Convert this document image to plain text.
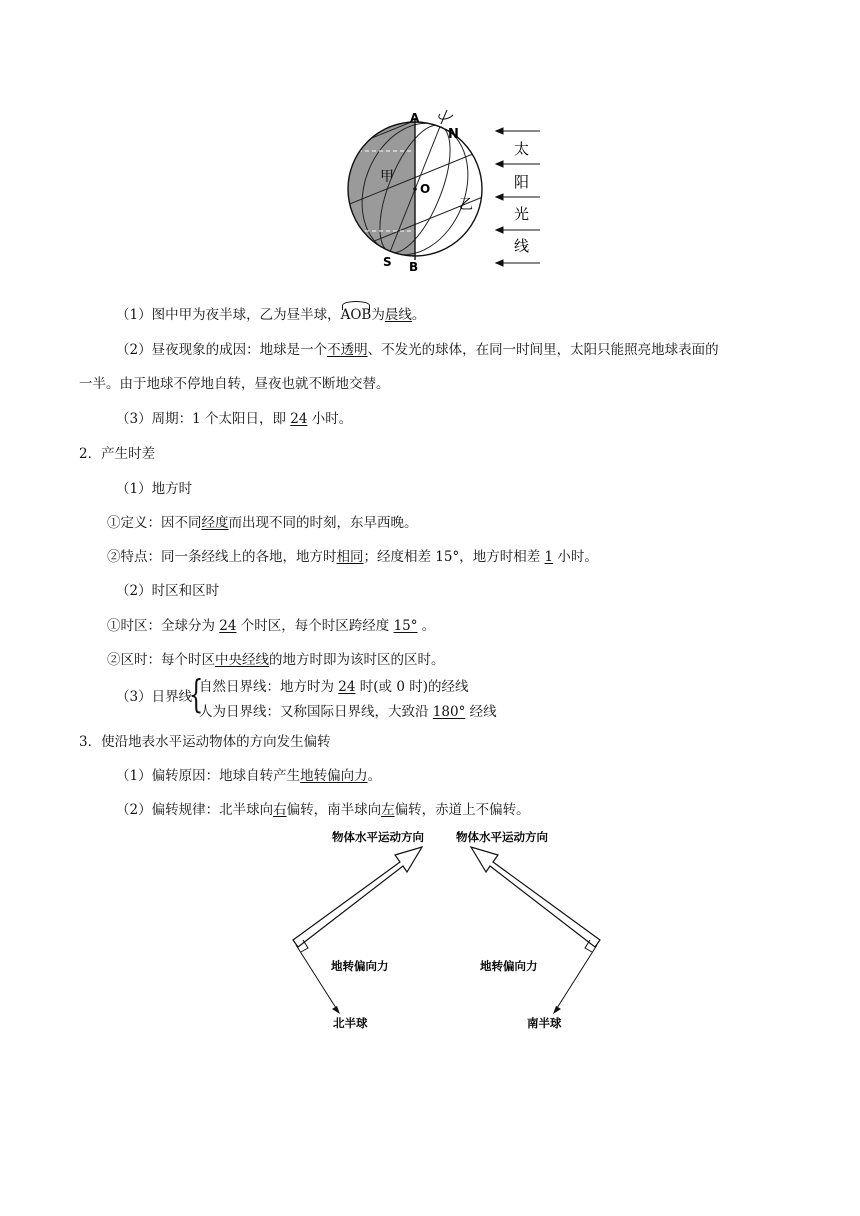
A
N
S B
O
甲
乙
太
阳
光
线
（1）图中甲为夜半球，乙为昼半球，AOB为晨线。
（2）昼夜现象的成因：地球是一个不透明、不发光的球体，在同一时间里，太阳只能照亮地球表面的
一半。由于地球不停地自转，昼夜也就不断地交替。
（3）周期：1 个太阳日，即 24 小时。
2．产生时差
（1）地方时
①定义：因不同经度而出现不同的时刻，东早西晚。
②特点：同一条经线上的各地，地方时相同；经度相差 15°，地方时相差 1 小时。
（2）时区和区时
①时区：全球分为 24 个时区，每个时区跨经度 15° 。
②区时：每个时区中央经线的地方时即为该时区的区时。
（3）日界线
{
自然日界线：地方时为 24 时(或 0 时)的经线
人为日界线：又称国际日界线，大致沿 180° 经线
3．使沿地表水平运动物体的方向发生偏转
（1）偏转原因：地球自转产生地转偏向力。
（2）偏转规律：北半球向右偏转，南半球向左偏转，赤道上不偏转。
物体水平运动方向	物体水平运动方向
地转偏向力	地转偏向力
北半球	南半球
